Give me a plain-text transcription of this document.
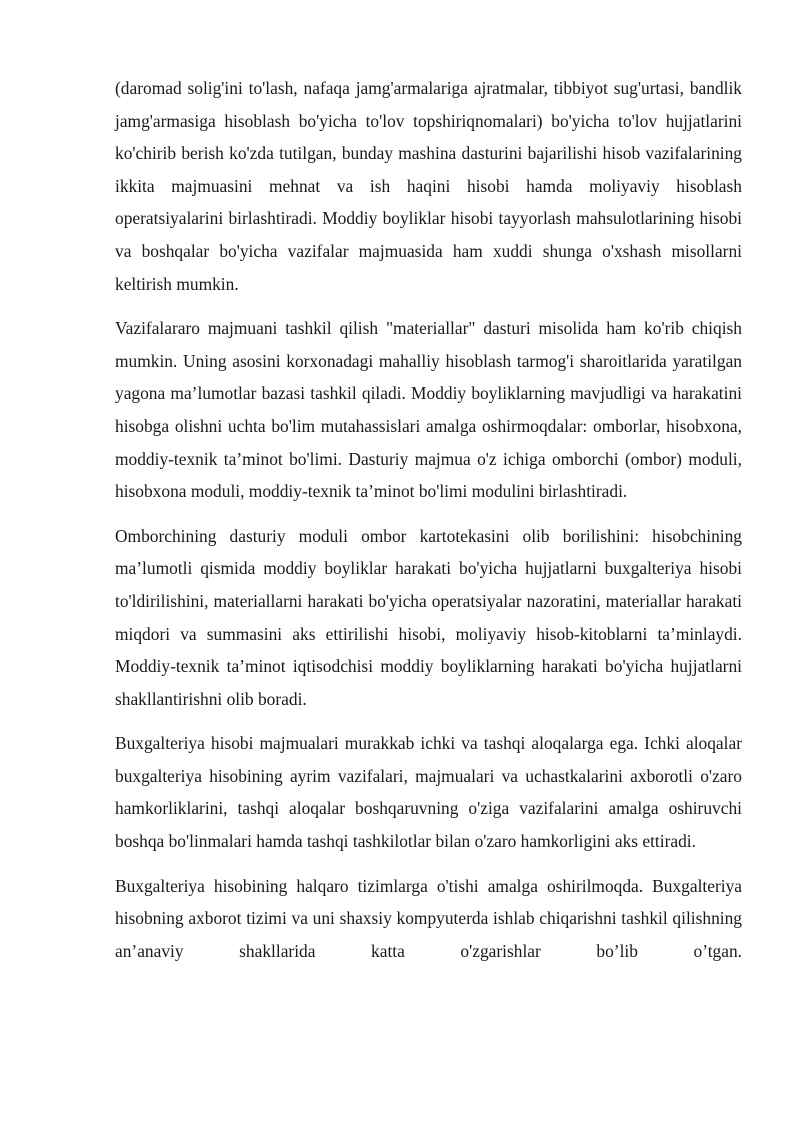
(daromad solig'ini to'lash, nafaqa jamg'armalariga ajratmalar, tibbiyot sug'urtasi, bandlik jamg'armasiga hisoblash bo'yicha to'lov topshiriqnomalari) bo'yicha to'lov hujjatlarini ko'chirib berish ko'zda tutilgan, bunday mashina dasturini bajarilishi hisob vazifalarining ikkita majmuasini mehnat va ish haqini hisobi hamda moliyaviy hisoblash operatsiyalarini birlashtiradi. Moddiy boyliklar hisobi tayyorlash mahsulotlarining hisobi va boshqalar bo'yicha vazifalar majmuasida ham xuddi shunga o'xshash misollarni keltirish mumkin.

Vazifalararo majmuani tashkil qilish "materiallar" dasturi misolida ham ko'rib chiqish mumkin. Uning asosini korxonadagi mahalliy hisoblash tarmog'i sharoitlarida yaratilgan yagona ma’lumotlar bazasi tashkil qiladi. Moddiy boyliklarning mavjudligi va harakatini hisobga olishni uchta bo'lim mutahassislari amalga oshirmoqdalar: omborlar, hisobxona, moddiy-texnik ta’minot bo'limi. Dasturiy majmua o'z ichiga omborchi (ombor) moduli, hisobxona moduli, moddiy-texnik ta’minot bo'limi modulini birlashtiradi.

Omborchining dasturiy moduli ombor kartotekasini olib borilishini: hisobchining ma’lumotli qismida moddiy boyliklar harakati bo'yicha hujjatlarni buxgalteriya hisobi to'ldirilishini, materiallarni harakati bo'yicha operatsiyalar nazoratini, materiallar harakati miqdori va summasini aks ettirilishi hisobi, moliyaviy hisob-kitoblarni ta’minlaydi. Moddiy-texnik ta’minot iqtisodchisi moddiy boyliklarning harakati bo'yicha hujjatlarni shakllantirishni olib boradi.

Buxgalteriya hisobi majmualari murakkab ichki va tashqi aloqalarga ega. Ichki aloqalar buxgalteriya hisobining ayrim vazifalari, majmualari va uchastkalarini axborotli o'zaro hamkorliklarini, tashqi aloqalar boshqaruvning o'ziga vazifalarini amalga oshiruvchi boshqa bo'linmalari hamda tashqi tashkilotlar bilan o'zaro hamkorligini aks ettiradi.

Buxgalteriya hisobining halqaro tizimlarga o'tishi amalga oshirilmoqda. Buxgalteriya hisobning axborot tizimi va uni shaxsiy kompyuterda ishlab chiqarishni tashkil qilishning an’anaviy shakllarida katta o'zgarishlar bo’lib o’tgan.
